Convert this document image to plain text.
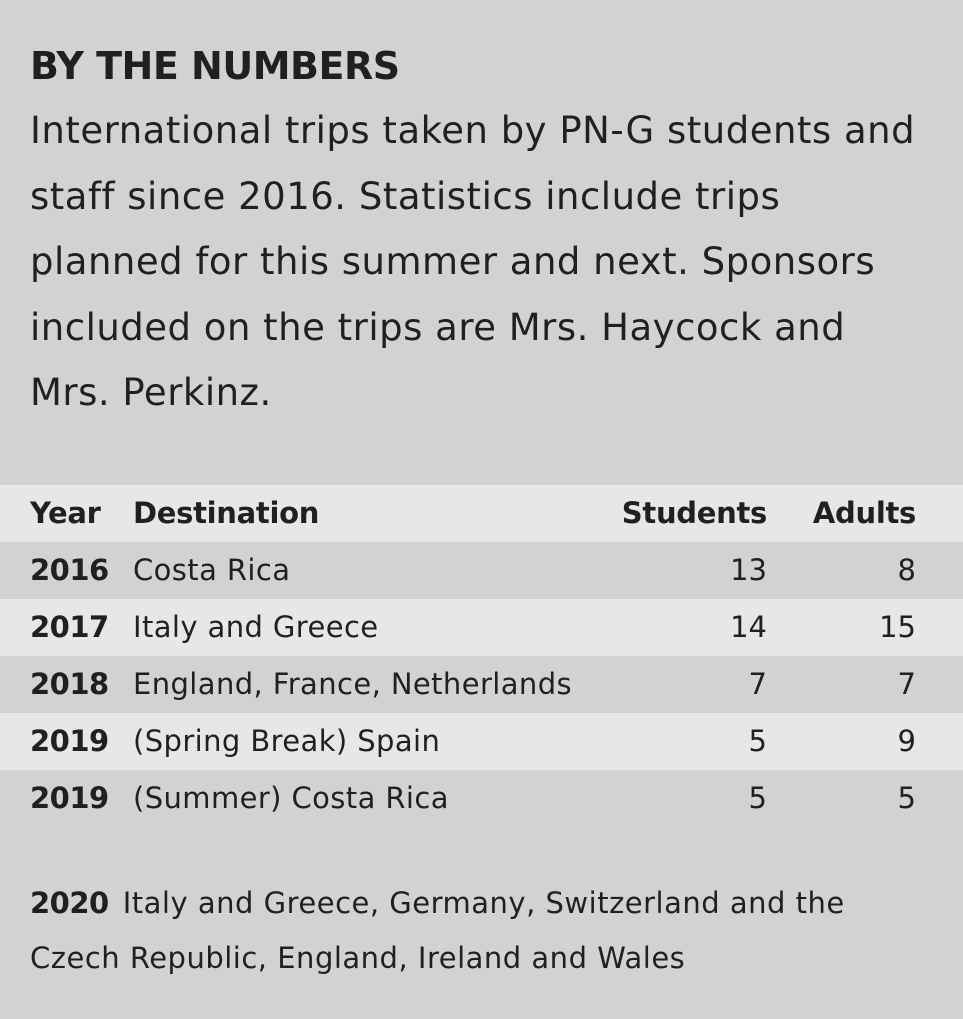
BY THE NUMBERS

International trips taken by PN-G students and staff since 2016. Statistics include trips planned for this summer and next. Sponsors included on the trips are Mrs. Haycock and Mrs. Perkinz.

Year Destination	Students Adults
2016 Costa Rica	13	8
2017 Italy and Greece	14	15
2018 England, France, Netherlands	7	7
2019 (Spring Break) Spain	5	9
2019 (Summer) Costa Rica	5	5

2020 Italy and Greece, Germany, Switzerland and the Czech Republic, England, Ireland and Wales
